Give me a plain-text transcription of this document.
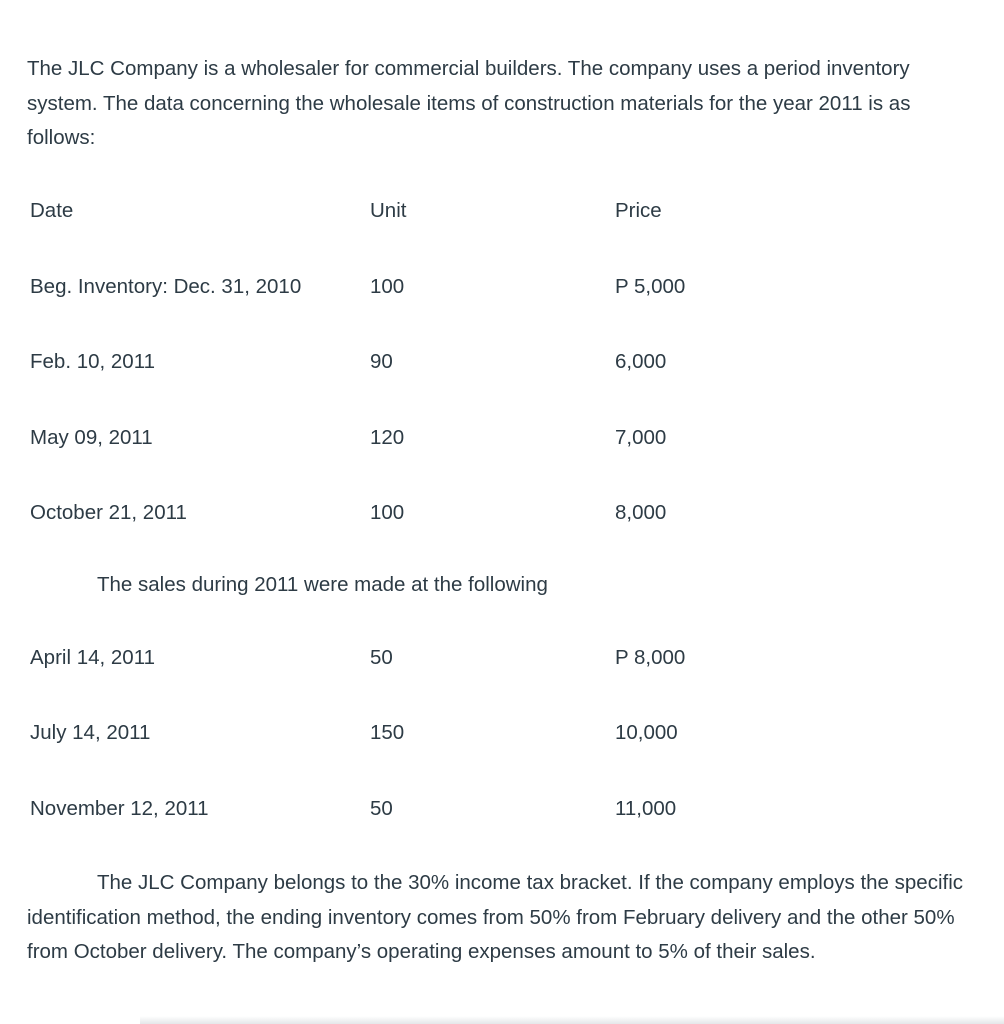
The JLC Company is a wholesaler for commercial builders. The company uses a period inventory system. The data concerning the wholesale items of construction materials for the year 2011 is as follows:

Date	Unit	Price
Beg. Inventory: Dec. 31, 2010	100	P 5,000
Feb. 10, 2011	90	6,000
May 09, 2011	120	7,000
October 21, 2011	100	8,000
The sales during 2011 were made at the following
April 14, 2011	50	P 8,000
July 14, 2011	150	10,000
November 12, 2011	50	11,000

The JLC Company belongs to the 30% income tax bracket. If the company employs the specific identification method, the ending inventory comes from 50% from February delivery and the other 50% from October delivery. The company’s operating expenses amount to 5% of their sales.
